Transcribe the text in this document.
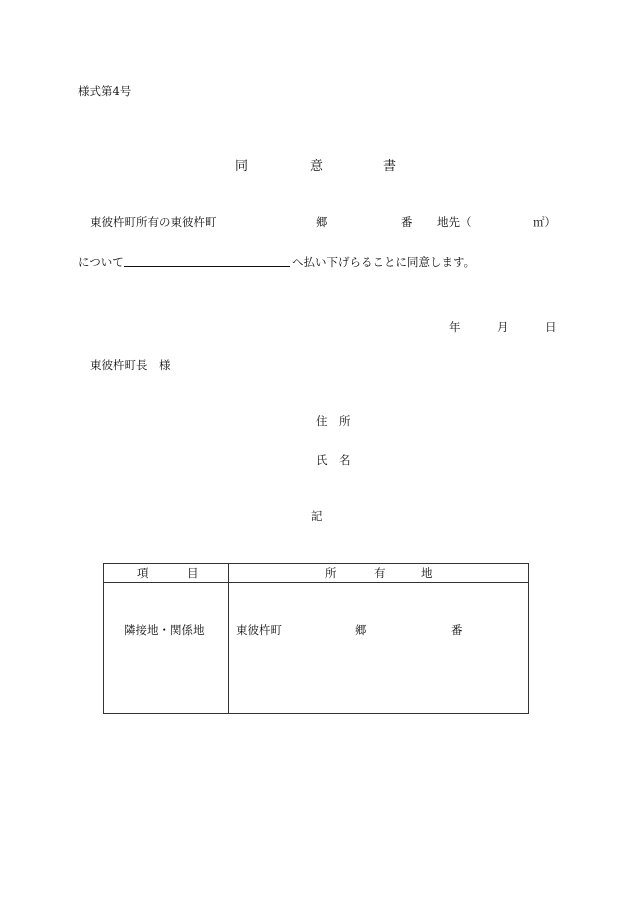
様式第4号
同	意	書
東彼杵町所有の東彼杵町	郷	番 地先（	㎡）
について	へ払い下げらることに同意します。
年	月	日
東彼杵町長　様
住　所
氏　名
記
項 目	所 有 地

隣接地・関係地	東彼杵町 郷 番
